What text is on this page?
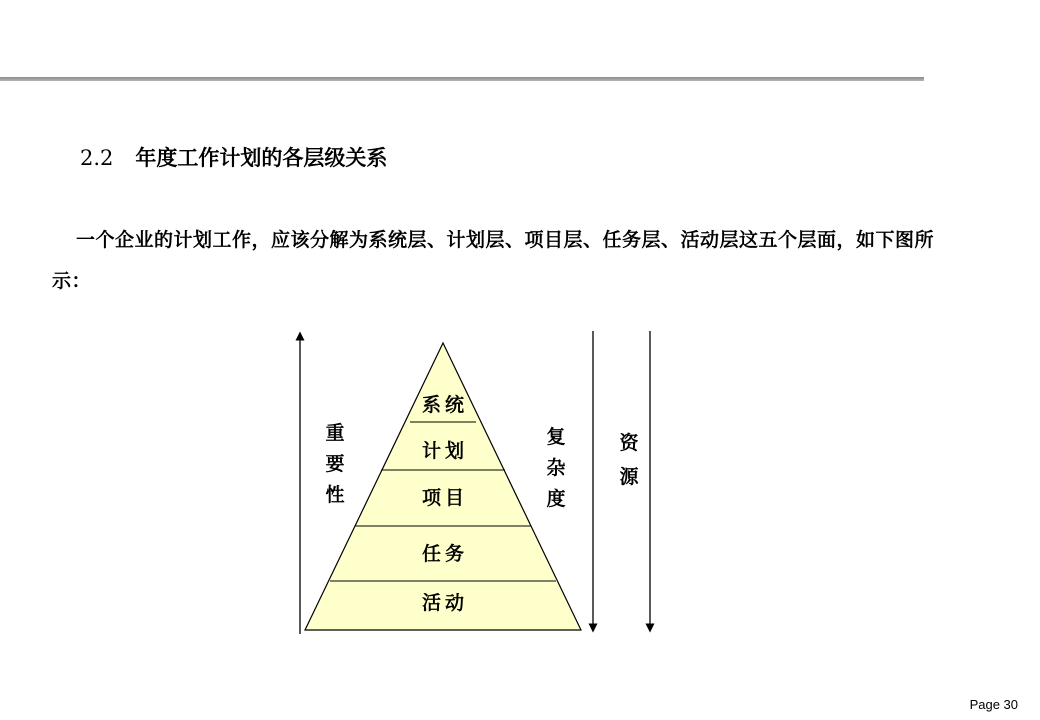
2.2 年度工作计划的各层级关系
一个企业的计划工作，应该分解为系统层、计划层、项目层、任务层、活动层这五个层面，如下图所示：
系统
计划
项目
任务
活动
重
要
性
复
杂
度
资
源
Page 30
